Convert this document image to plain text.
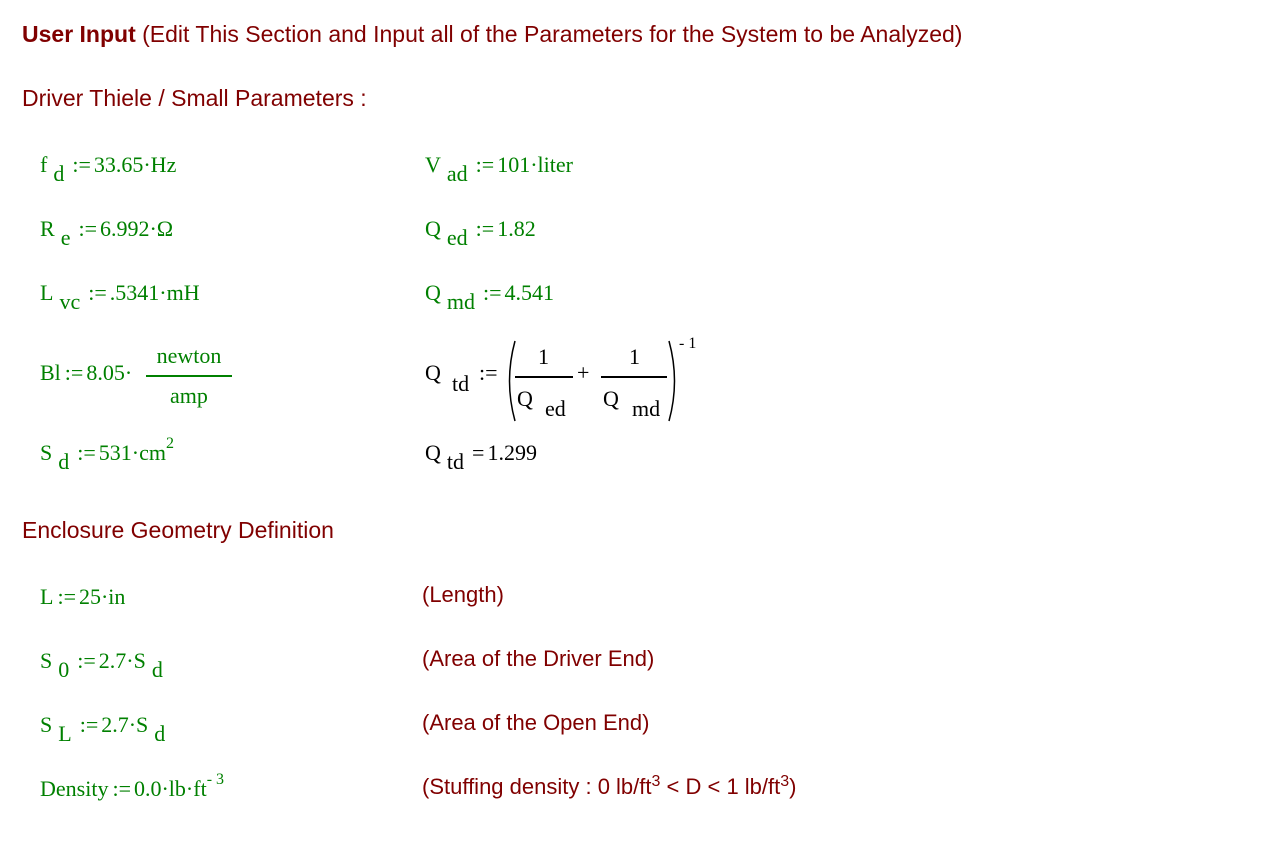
User Input (Edit This Section and Input all of the Parameters for the System to be Analyzed)
Driver Thiele / Small Parameters :
f d := 33.65·Hz
R e := 6.992·Ω
L vc := .5341·mH
Bl := 8.05·
newton
amp
S d := $531\cdot cm^2$
V ad := 101·liter
Q ed := 1.82
Q md := 4.541
Q td :=
1
Q ed
+
1
Q md
- 1
Q td = 1.299
Enclosure Geometry Definition
L := 25·in	(Length)
S 0 := 2.7·S d	(Area of the Driver End)
S L := 2.7·S d	(Area of the Open End)
Density := $0.0\cdot lb\cdot ft^{- 3}$	(Stuffing density : 0 $lb/ft^3 < D < 1$ $lb/ft^3$)
